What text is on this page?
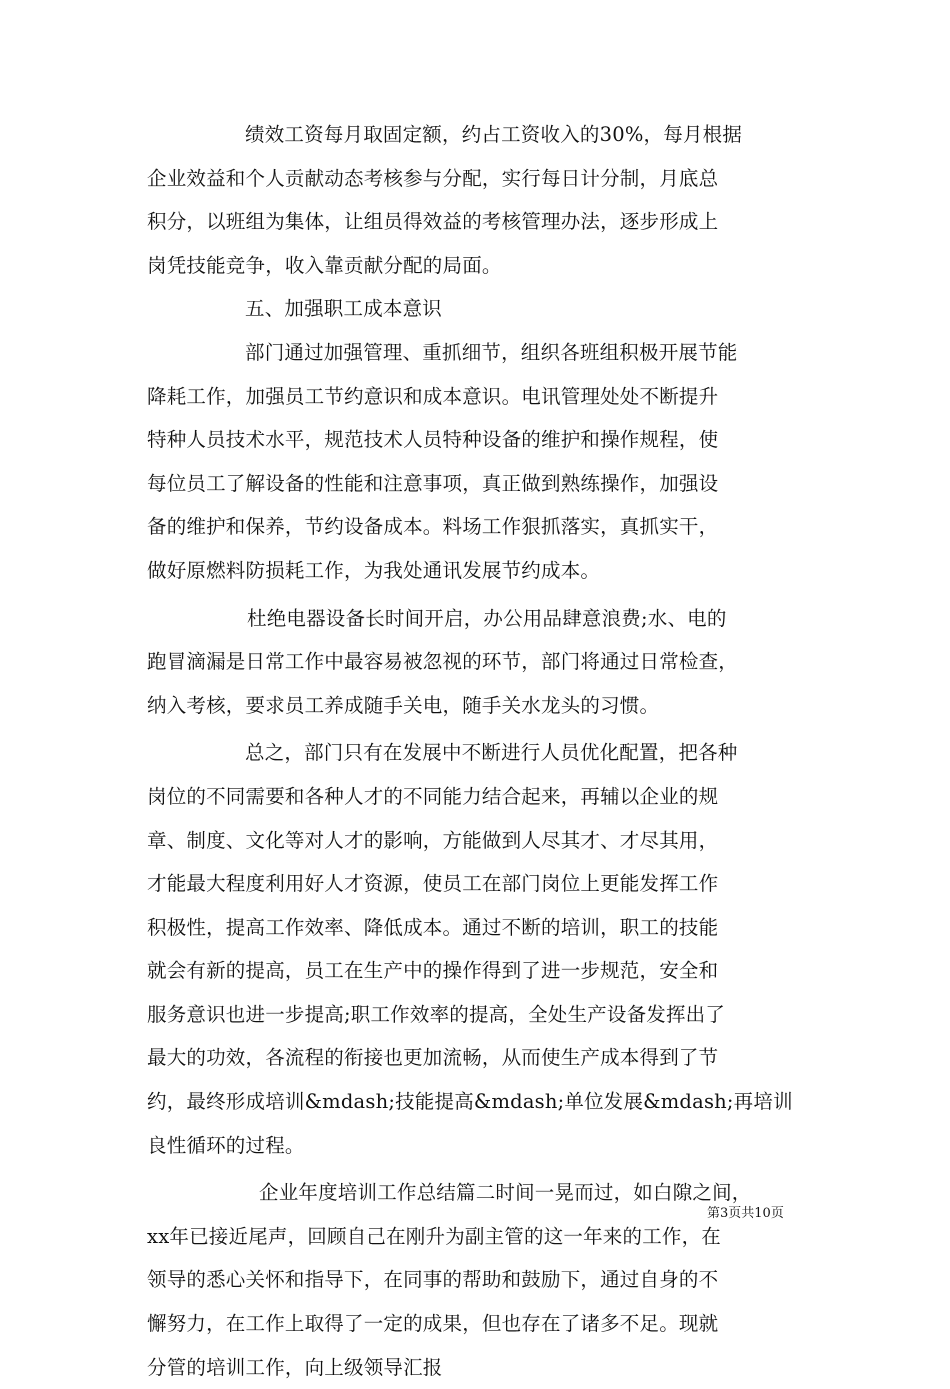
绩效工资每月取固定额，约占工资收入的30%，每月根据
企业效益和个人贡献动态考核参与分配，实行每日计分制，月底总
积分，以班组为集体，让组员得效益的考核管理办法，逐步形成上
岗凭技能竞争，收入靠贡献分配的局面。
五、加强职工成本意识
部门通过加强管理、重抓细节，组织各班组积极开展节能
降耗工作，加强员工节约意识和成本意识。电讯管理处处不断提升
特种人员技术水平，规范技术人员特种设备的维护和操作规程，使
每位员工了解设备的性能和注意事项，真正做到熟练操作，加强设
备的维护和保养，节约设备成本。料场工作狠抓落实，真抓实干，
做好原燃料防损耗工作，为我处通讯发展节约成本。
杜绝电器设备长时间开启，办公用品肆意浪费;水、电的
跑冒滴漏是日常工作中最容易被忽视的环节，部门将通过日常检查，
纳入考核，要求员工养成随手关电，随手关水龙头的习惯。
总之，部门只有在发展中不断进行人员优化配置，把各种
岗位的不同需要和各种人才的不同能力结合起来，再辅以企业的规
章、制度、文化等对人才的影响，方能做到人尽其才、才尽其用，
才能最大程度利用好人才资源，使员工在部门岗位上更能发挥工作
积极性，提高工作效率、降低成本。通过不断的培训，职工的技能
就会有新的提高，员工在生产中的操作得到了进一步规范，安全和
服务意识也进一步提高;职工作效率的提高，全处生产设备发挥出了
最大的功效，各流程的衔接也更加流畅，从而使生产成本得到了节
约，最终形成培训&mdash;技能提高&mdash;单位发展&mdash;再培训
良性循环的过程。
企业年度培训工作总结篇二时间一晃而过，如白隙之间，
xx年已接近尾声，回顾自己在刚升为副主管的这一年来的工作，在
领导的悉心关怀和指导下，在同事的帮助和鼓励下，通过自身的不
懈努力，在工作上取得了一定的成果，但也存在了诸多不足。现就
分管的培训工作，向上级领导汇报
第3页共10页
